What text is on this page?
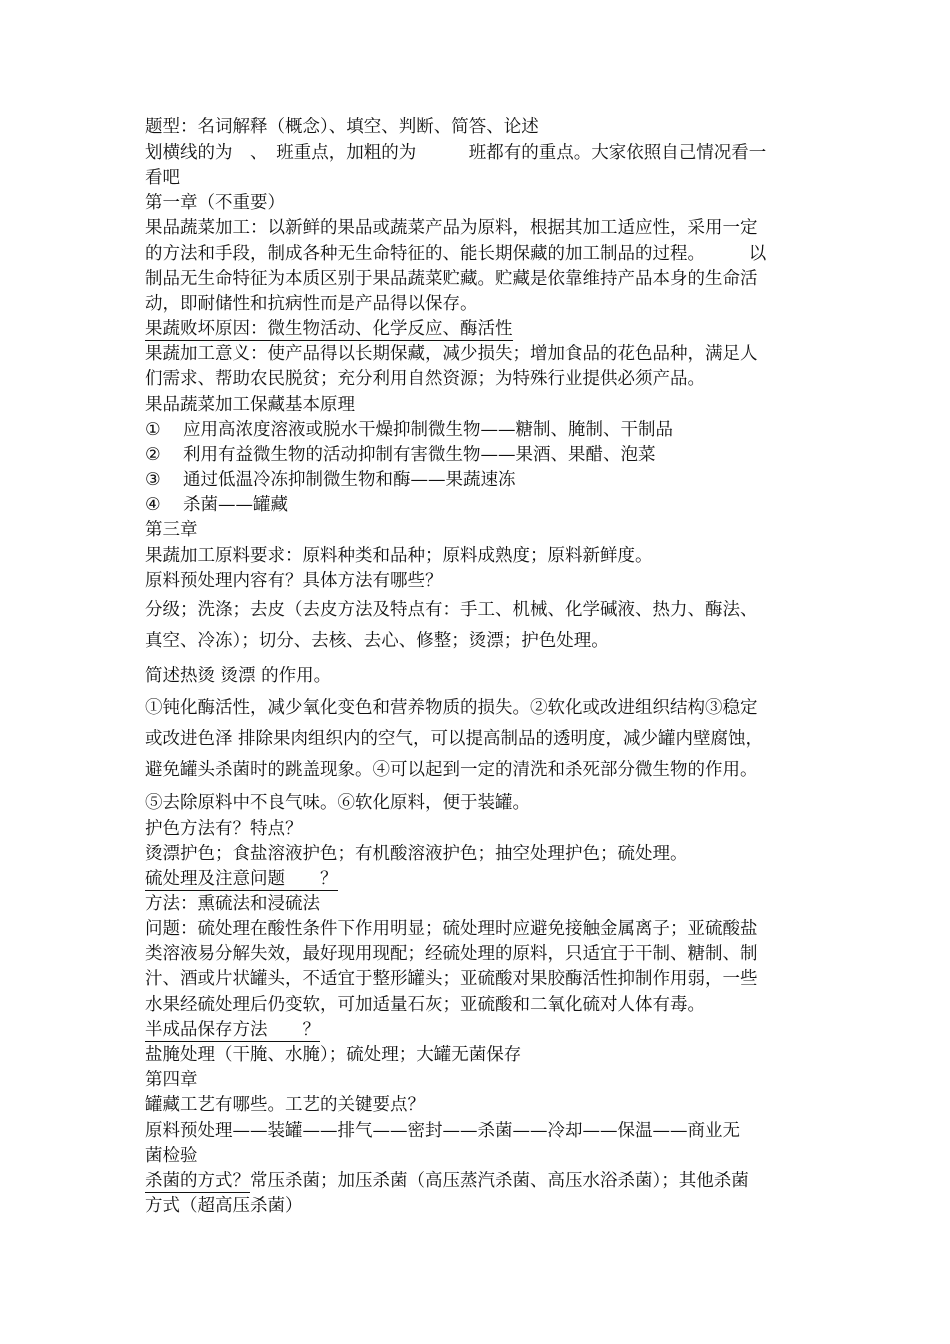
题型：名词解释（概念）、填空、判断、简答、论述
划横线的为　、　班重点，加粗的为　　　班都有的重点。大家依照自己情况看一
看吧
第一章（不重要）
果品蔬菜加工：以新鲜的果品或蔬菜产品为原料，根据其加工适应性，采用一定
的方法和手段，制成各种无生命特征的、能长期保藏的加工制品的过程。　　　以
制品无生命特征为本质区别于果品蔬菜贮藏。贮藏是依靠维持产品本身的生命活
动，即耐储性和抗病性而是产品得以保存。
果蔬败坏原因：微生物活动、化学反应、酶活性
果蔬加工意义：使产品得以长期保藏，减少损失；增加食品的花色品种，满足人
们需求、帮助农民脱贫；充分利用自然资源；为特殊行业提供必须产品。
果品蔬菜加工保藏基本原理
① 应用高浓度溶液或脱水干燥抑制微生物——糖制、腌制、干制品
② 利用有益微生物的活动抑制有害微生物——果酒、果醋、泡菜
③ 通过低温冷冻抑制微生物和酶——果蔬速冻
④ 杀菌——罐藏
第三章
果蔬加工原料要求：原料种类和品种；原料成熟度；原料新鲜度。
原料预处理内容有？具体方法有哪些？
分级；洗涤；去皮（去皮方法及特点有：手工、机械、化学碱液、热力、酶法、
真空、冷冻）；切分、去核、去心、修整；烫漂；护色处理。
简述热烫 烫漂 的作用。
①钝化酶活性，减少氧化变色和营养物质的损失。②软化或改进组织结构③稳定
或改进色泽 排除果肉组织内的空气，可以提高制品的透明度，减少罐内壁腐蚀，
避免罐头杀菌时的跳盖现象。④可以起到一定的清洗和杀死部分微生物的作用。
⑤去除原料中不良气味。⑥软化原料，便于装罐。
护色方法有？特点？
烫漂护色；食盐溶液护色；有机酸溶液护色；抽空处理护色；硫处理。
硫处理及注意问题　　？
方法：熏硫法和浸硫法
问题：硫处理在酸性条件下作用明显；硫处理时应避免接触金属离子；亚硫酸盐
类溶液易分解失效，最好现用现配；经硫处理的原料，只适宜于干制、糖制、制
汁、酒或片状罐头，不适宜于整形罐头；亚硫酸对果胶酶活性抑制作用弱，一些
水果经硫处理后仍变软，可加适量石灰；亚硫酸和二氧化硫对人体有毒。
半成品保存方法　　？
盐腌处理（干腌、水腌）；硫处理；大罐无菌保存
第四章
罐藏工艺有哪些。工艺的关键要点？
原料预处理——装罐——排气——密封——杀菌——冷却——保温——商业无
菌检验
杀菌的方式？常压杀菌；加压杀菌（高压蒸汽杀菌、高压水浴杀菌）；其他杀菌
方式（超高压杀菌）
